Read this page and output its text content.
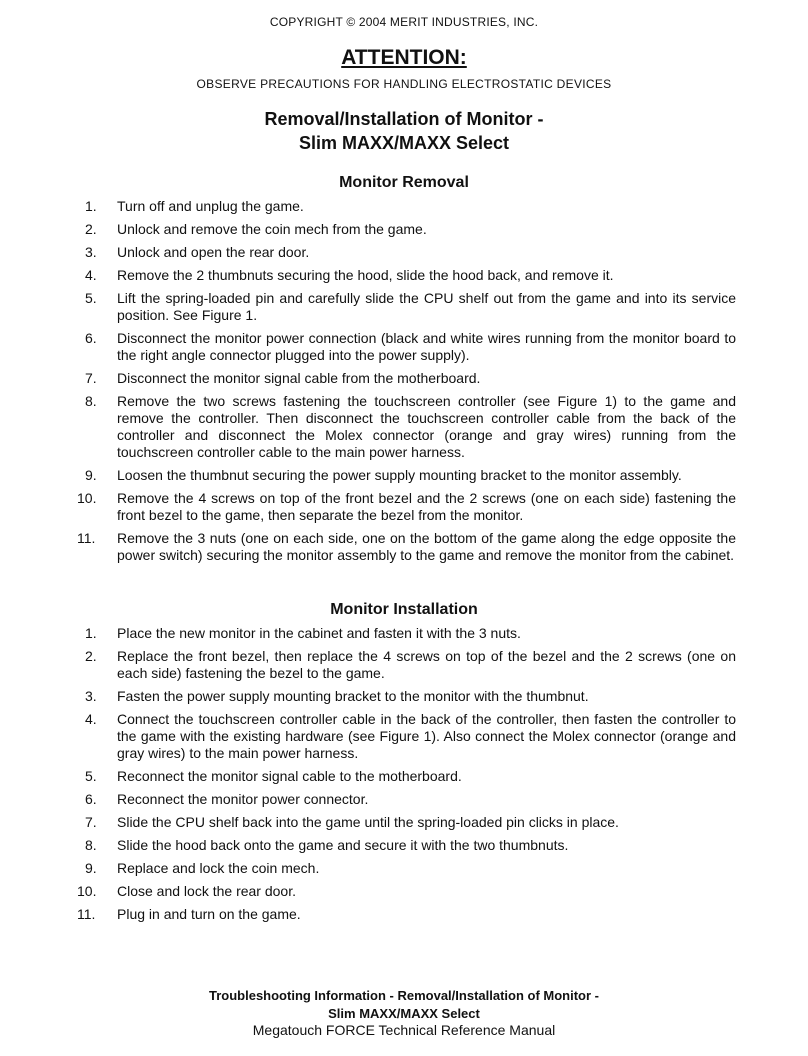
COPYRIGHT © 2004 MERIT INDUSTRIES, INC.
ATTENTION:
OBSERVE PRECAUTIONS FOR HANDLING ELECTROSTATIC DEVICES
Removal/Installation of Monitor -
Slim MAXX/MAXX Select
Monitor Removal
1.	Turn off and unplug the game.
2.	Unlock and remove the coin mech from the game.
3.	Unlock and open the rear door.
4.	Remove the 2 thumbnuts securing the hood, slide the hood back, and remove it.
5.	Lift the spring-loaded pin and carefully slide the CPU shelf out from the game and into its service position. See Figure 1.
6.	Disconnect the monitor power connection (black and white wires running from the monitor board to the right angle connector plugged into the power supply).
7.	Disconnect the monitor signal cable from the motherboard.
8.	Remove the two screws fastening the touchscreen controller (see Figure 1) to the game and remove the controller. Then disconnect the touchscreen controller cable from the back of the controller and disconnect the Molex connector (orange and gray wires) running from the touchscreen controller cable to the main power harness.
9.	Loosen the thumbnut securing the power supply mounting bracket to the monitor assembly.
10.	Remove the 4 screws on top of the front bezel and the 2 screws (one on each side) fastening the front bezel to the game, then separate the bezel from the monitor.
11.	Remove the 3 nuts (one on each side, one on the bottom of the game along the edge opposite the power switch) securing the monitor assembly to the game and remove the monitor from the cabinet.
Monitor Installation
1.	Place the new monitor in the cabinet and fasten it with the 3 nuts.
2.	Replace the front bezel, then replace the 4 screws on top of the bezel and the 2 screws (one on each side) fastening the bezel to the game.
3.	Fasten the power supply mounting bracket to the monitor with the thumbnut.
4.	Connect the touchscreen controller cable in the back of the controller, then fasten the controller to the game with the existing hardware (see Figure 1). Also connect the Molex connector (orange and gray wires) to the main power harness.
5.	Reconnect the monitor signal cable to the motherboard.
6.	Reconnect the monitor power connector.
7.	Slide the CPU shelf back into the game until the spring-loaded pin clicks in place.
8.	Slide the hood back onto the game and secure it with the two thumbnuts.
9.	Replace and lock the coin mech.
10.	Close and lock the rear door.
11.	Plug in and turn on the game.
Troubleshooting Information - Removal/Installation of Monitor -
Slim MAXX/MAXX Select
Megatouch FORCE Technical Reference Manual
